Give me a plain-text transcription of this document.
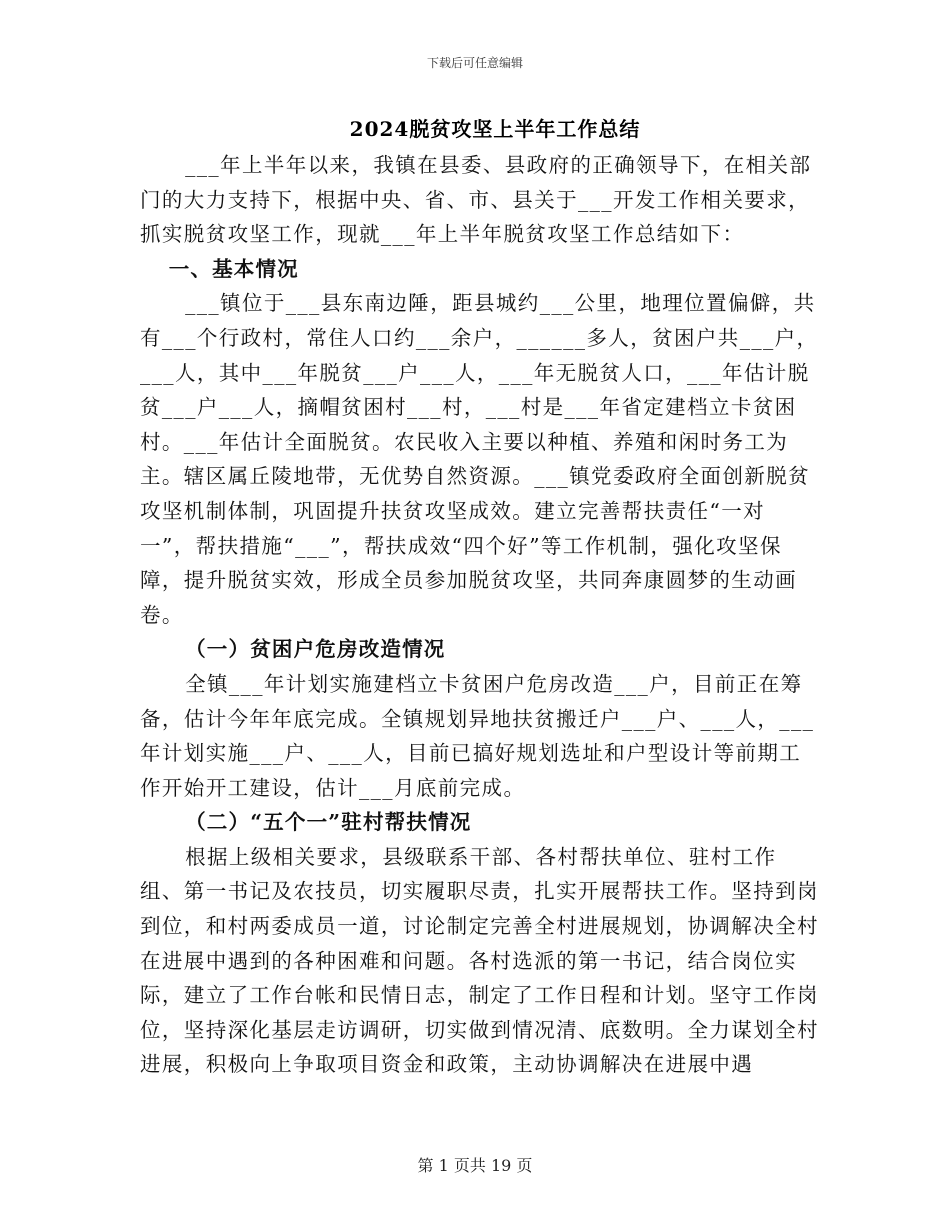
下载后可任意编辑
2024脱贫攻坚上半年工作总结

___年上半年以来，我镇在县委、县政府的正确领导下，在相关部门的大力支持下，根据中央、省、市、县关于___开发工作相关要求，抓实脱贫攻坚工作，现就___年上半年脱贫攻坚工作总结如下：

一、基本情况

___镇位于___县东南边陲，距县城约___公里，地理位置偏僻，共有___个行政村，常住人口约___余户，______多人，贫困户共___户，___人，其中___年脱贫___户___人，___年无脱贫人口，___年估计脱贫___户___人，摘帽贫困村___村，___村是___年省定建档立卡贫困村。___年估计全面脱贫。农民收入主要以种植、养殖和闲时务工为主。辖区属丘陵地带，无优势自然资源。___镇党委政府全面创新脱贫攻坚机制体制，巩固提升扶贫攻坚成效。建立完善帮扶责任“一对一”，帮扶措施“___”，帮扶成效“四个好”等工作机制，强化攻坚保障，提升脱贫实效，形成全员参加脱贫攻坚，共同奔康圆梦的生动画卷。

（一）贫困户危房改造情况

全镇___年计划实施建档立卡贫困户危房改造___户，目前正在筹备，估计今年年底完成。全镇规划异地扶贫搬迁户___户、___人，___年计划实施___户、___人，目前已搞好规划选址和户型设计等前期工作开始开工建设，估计___月底前完成。

（二）“五个一”驻村帮扶情况

根据上级相关要求，县级联系干部、各村帮扶单位、驻村工作组、第一书记及农技员，切实履职尽责，扎实开展帮扶工作。坚持到岗到位，和村两委成员一道，讨论制定完善全村进展规划，协调解决全村在进展中遇到的各种困难和问题。各村选派的第一书记，结合岗位实际，建立了工作台帐和民情日志，制定了工作日程和计划。坚守工作岗位，坚持深化基层走访调研，切实做到情况清、底数明。全力谋划全村进展，积极向上争取项目资金和政策，主动协调解决在进展中遇

第 1 页共 19 页
